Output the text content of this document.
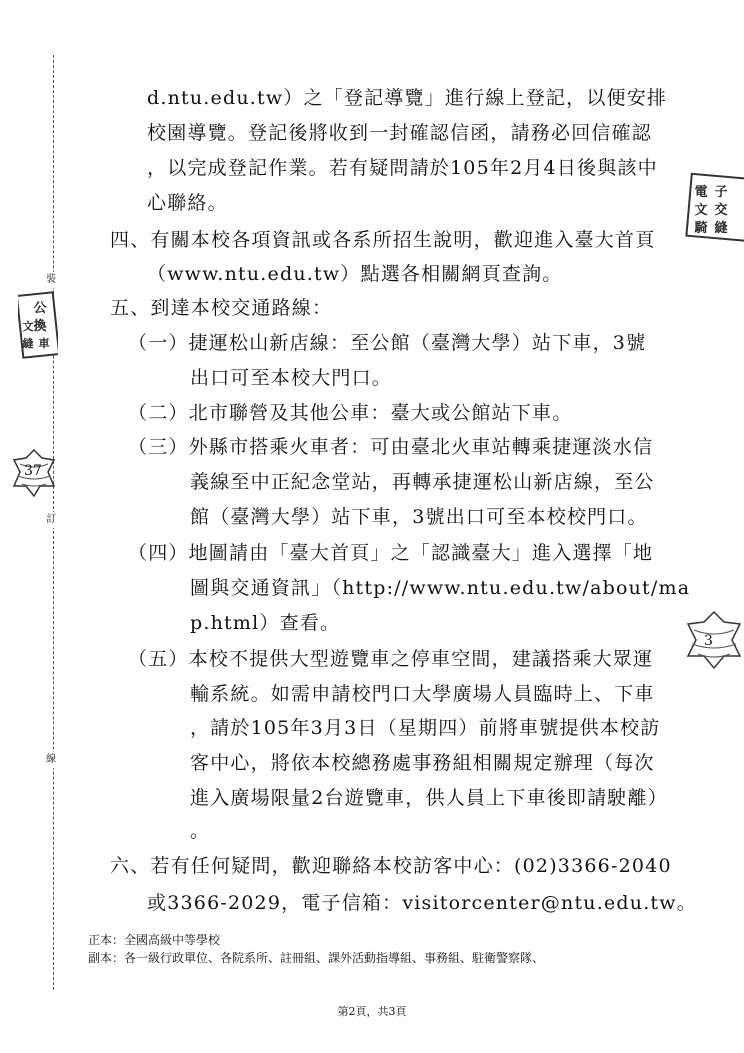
裝
訂
線
公
換
文
車
縫
37
電 子
文 交
騎 縫
3
d.ntu.edu.tw）之「登記導覽」進行線上登記，以便安排
校園導覽。登記後將收到一封確認信函，請務必回信確認
，以完成登記作業。若有疑問請於105年2月4日後與該中
心聯絡。
四、有關本校各項資訊或各系所招生說明，歡迎進入臺大首頁
（www.ntu.edu.tw）點選各相關網頁查詢。
五、到達本校交通路線：
（一）捷運松山新店線：至公館（臺灣大學）站下車，3號
出口可至本校大門口。
（二）北市聯營及其他公車：臺大或公館站下車。
（三）外縣市搭乘火車者：可由臺北火車站轉乘捷運淡水信
義線至中正紀念堂站，再轉承捷運松山新店線，至公
館（臺灣大學）站下車，3號出口可至本校校門口。
（四）地圖請由「臺大首頁」之「認識臺大」進入選擇「地
圖與交通資訊」（http://www.ntu.edu.tw/about/ma
p.html）查看。
（五）本校不提供大型遊覽車之停車空間，建議搭乘大眾運
輸系統。如需申請校門口大學廣場人員臨時上、下車
，請於105年3月3日（星期四）前將車號提供本校訪
客中心，將依本校總務處事務組相關規定辦理（每次
進入廣場限量2台遊覽車，供人員上下車後即請駛離）
。
六、若有任何疑問，歡迎聯絡本校訪客中心：(02)3366-2040
或3366-2029，電子信箱：visitorcenter@ntu.edu.tw。
正本：全國高級中等學校
副本：各一級行政單位、各院系所、註冊組、課外活動指導組、事務組、駐衛警察隊、
第2頁，共3頁
